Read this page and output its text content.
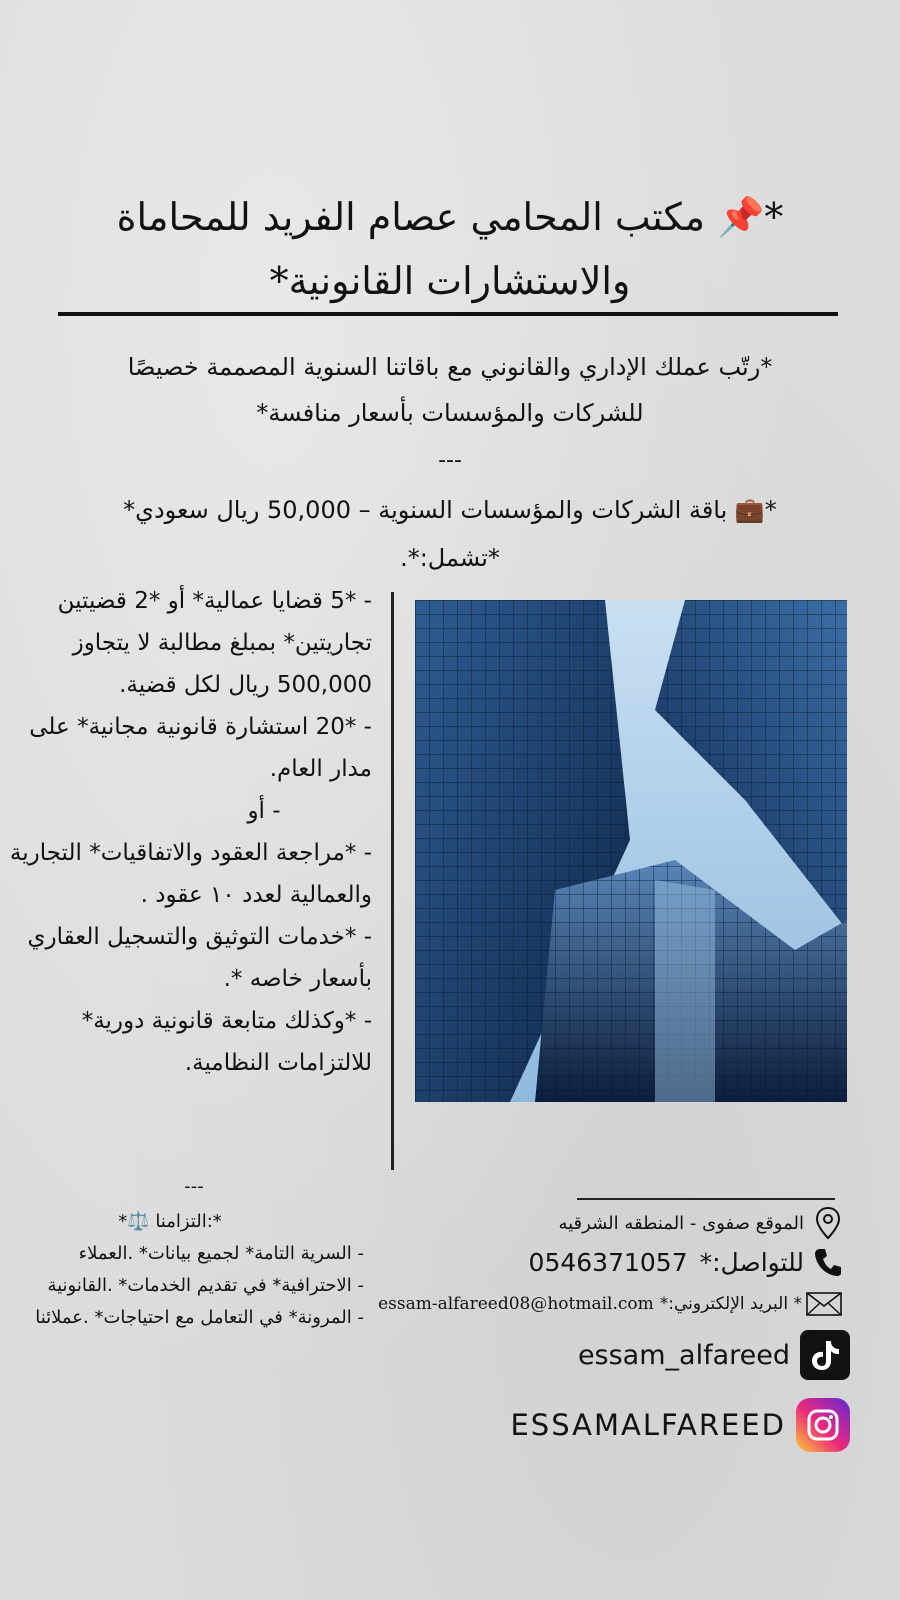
*📌 مكتب المحامي عصام الفريد للمحاماة
والاستشارات القانونية*
*رتّب عملك الإداري والقانوني مع باقاتنا السنوية المصممة خصيصًا
للشركات والمؤسسات بأسعار منافسة*
---
*💼 باقة الشركات والمؤسسات السنوية – 50,000 ريال سعودي*
*تشمل:*.
- *5 قضايا عمالية* أو *2 قضيتين تجاريتين* بمبلغ مطالبة لا يتجاوز 500,000 ريال لكل قضية.
- *20 استشارة قانونية مجانية* على مدار العام.
- أو
- *مراجعة العقود والاتفاقيات* التجارية والعمالية لعدد ١٠ عقود .
- *خدمات التوثيق والتسجيل العقاري بأسعار خاصه *.
- *وكذلك متابعة قانونية دورية* للالتزامات النظامية.
---
*:التزامنا ⚖️*
- السرية التامة* لجميع بيانات* .العملاء
- الاحترافية* في تقديم الخدمات* .القانونية
- المرونة* في التعامل مع احتياجات* .عملائنا
الموقع صفوى - المنطقه الشرقيه
للتواصل:*
0546371057
* البريد الإلكتروني:*
essam-alfareed08@hotmail.com
essam_alfareed
ESSAMALFAREED
